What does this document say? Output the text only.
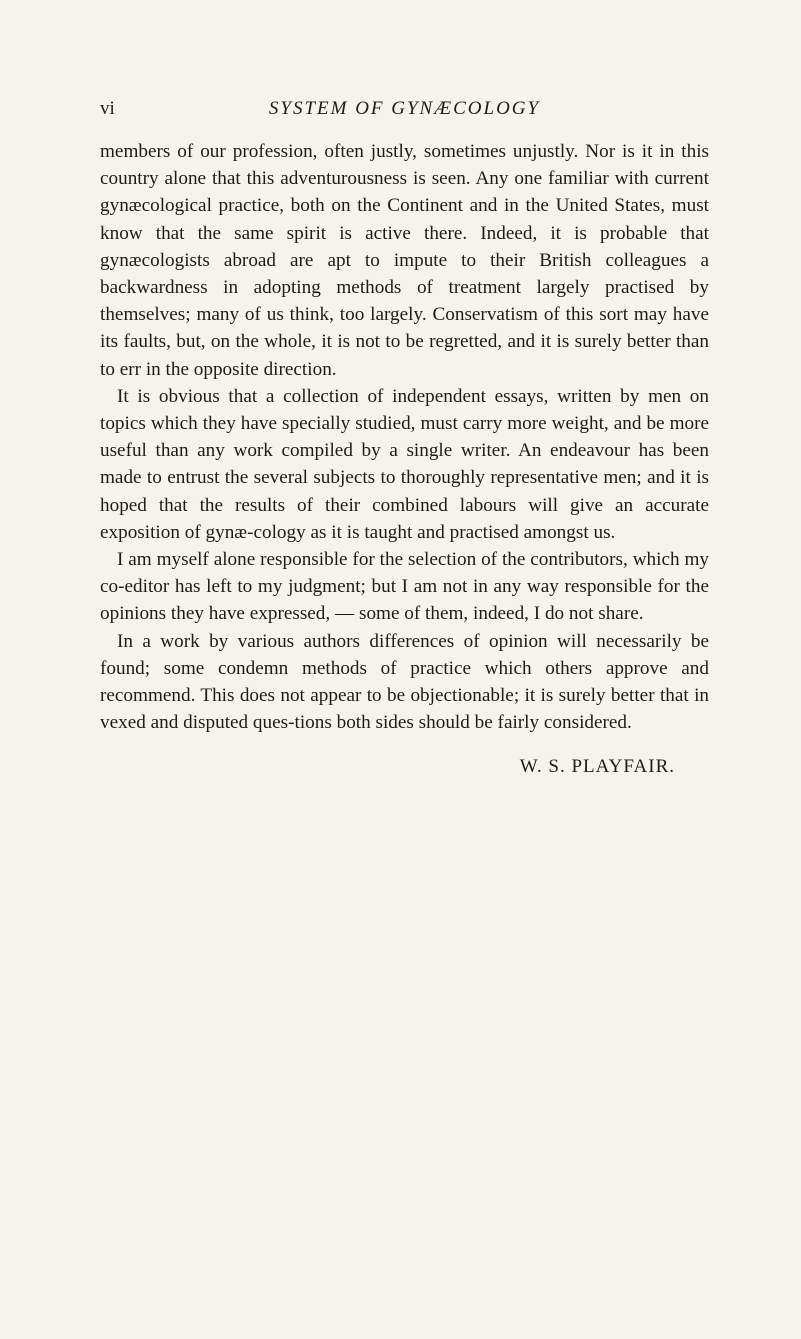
vi	SYSTEM OF GYNÆCOLOGY

members of our profession, often justly, sometimes unjustly. Nor is it in this country alone that this adventurousness is seen. Any one familiar with current gynæcological practice, both on the Continent and in the United States, must know that the same spirit is active there. Indeed, it is probable that gynæcologists abroad are apt to impute to their British colleagues a backwardness in adopting methods of treatment largely practised by themselves; many of us think, too largely. Conservatism of this sort may have its faults, but, on the whole, it is not to be regretted, and it is surely better than to err in the opposite direction.

It is obvious that a collection of independent essays, written by men on topics which they have specially studied, must carry more weight, and be more useful than any work compiled by a single writer. An endeavour has been made to entrust the several subjects to thoroughly representative men; and it is hoped that the results of their combined labours will give an accurate exposition of gynæ-cology as it is taught and practised amongst us.

I am myself alone responsible for the selection of the contributors, which my co-editor has left to my judgment; but I am not in any way responsible for the opinions they have expressed, — some of them, indeed, I do not share.

In a work by various authors differences of opinion will necessarily be found; some condemn methods of practice which others approve and recommend. This does not appear to be objectionable; it is surely better that in vexed and disputed ques-tions both sides should be fairly considered.

W. S. PLAYFAIR.
